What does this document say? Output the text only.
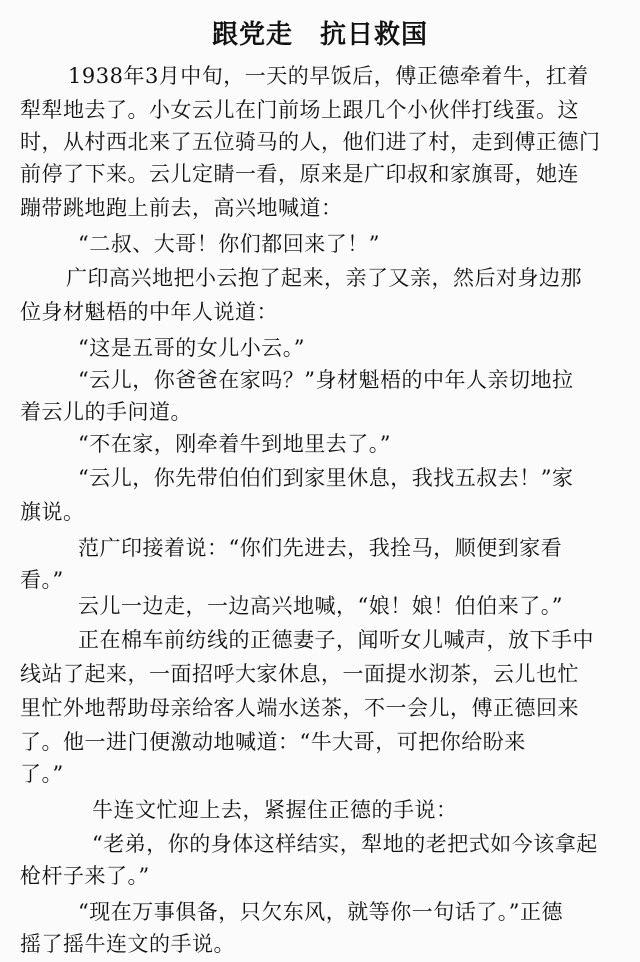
跟党走　抗日救国
1938年3月中旬，一天的早饭后，傅正德牵着牛，扛着
犁犁地去了。小女云儿在门前场上跟几个小伙伴打线蛋。这
时，从村西北来了五位骑马的人，他们进了村，走到傅正德门
前停了下来。云儿定睛一看，原来是广印叔和家旗哥，她连
蹦带跳地跑上前去，高兴地喊道：
“二叔、大哥！你们都回来了！”
广印高兴地把小云抱了起来，亲了又亲，然后对身边那
位身材魁梧的中年人说道：
“这是五哥的女儿小云。”
“云儿，你爸爸在家吗？”身材魁梧的中年人亲切地拉
着云儿的手问道。
“不在家，刚牵着牛到地里去了。”
“云儿，你先带伯伯们到家里休息，我找五叔去！”家
旗说。
范广印接着说：“你们先进去，我拴马，顺便到家看
看。”
云儿一边走，一边高兴地喊，“娘！娘！伯伯来了。”
正在棉车前纺线的正德妻子，闻听女儿喊声，放下手中
线站了起来，一面招呼大家休息，一面提水沏茶，云儿也忙
里忙外地帮助母亲给客人端水送茶，不一会儿，傅正德回来
了。他一进门便激动地喊道：“牛大哥，可把你给盼来
了。”
牛连文忙迎上去，紧握住正德的手说：
“老弟，你的身体这样结实，犁地的老把式如今该拿起
枪杆子来了。”
“现在万事俱备，只欠东风，就等你一句话了。”正德
摇了摇牛连文的手说。
